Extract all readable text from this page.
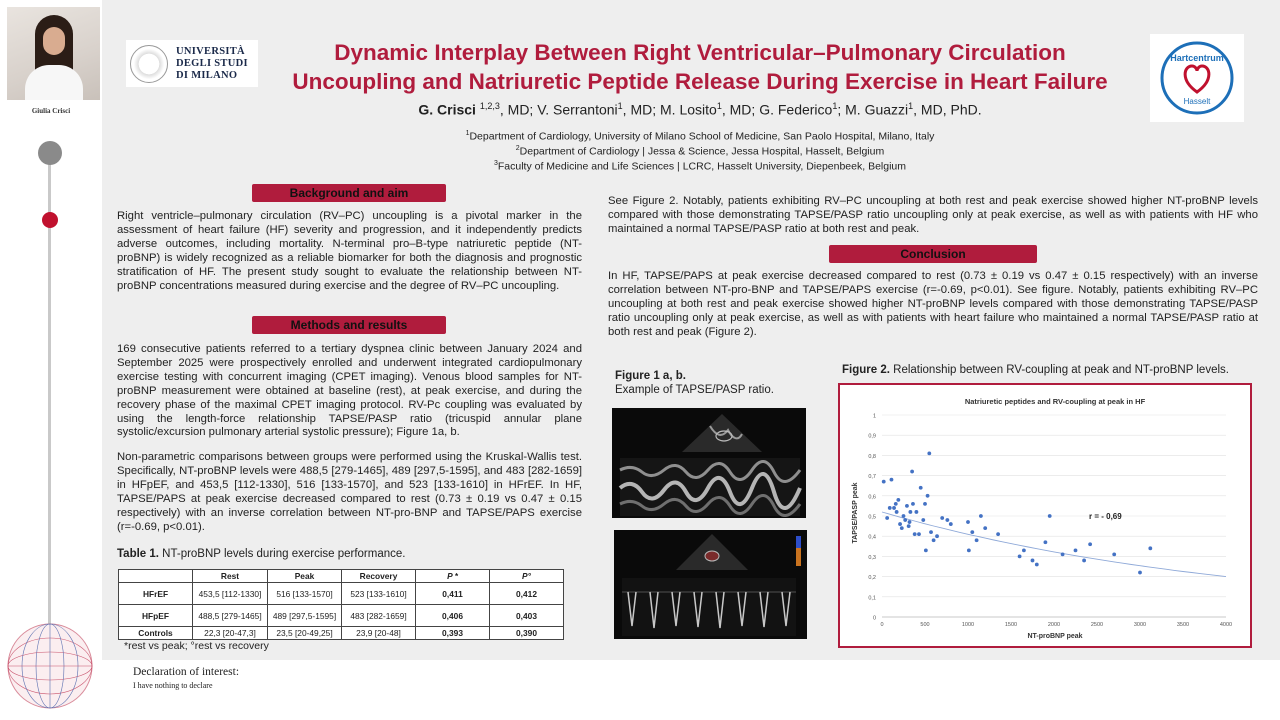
Giulia Crisci
UNIVERSITÀ
DEGLI STUDI
DI MILANO
Hartcentrum
Hasselt
Dynamic Interplay Between Right Ventricular–Pulmonary Circulation
Uncoupling and Natriuretic Peptide Release During Exercise in Heart Failure
G. Crisci $^{1,2,3}$, MD; V. Serrantoni$^1$, MD; M. Losito$^1$, MD; G. Federico$^1$; M. Guazzi$^1$, MD, PhD.
$^1$Department of Cardiology, University of Milano School of Medicine, San Paolo Hospital, Milano, Italy
$^2$Department of Cardiology | Jessa & Science, Jessa Hospital, Hasselt, Belgium
$^3$Faculty of Medicine and Life Sciences | LCRC, Hasselt University, Diepenbeek, Belgium
Background and aim
Right ventricle–pulmonary circulation (RV–PC) uncoupling is a pivotal marker in the assessment of heart failure (HF) severity and progression, and it independently predicts adverse outcomes, including mortality. N-terminal pro–B-type natriuretic peptide (NT-proBNP) is widely recognized as a reliable biomarker for both the diagnosis and prognostic stratification of HF. The present study sought to evaluate the relationship between NT-proBNP concentrations measured during exercise and the degree of RV–PC uncoupling.
Methods and results
169 consecutive patients referred to a tertiary dyspnea clinic between January 2024 and September 2025 were prospectively enrolled and underwent integrated cardiopulmonary exercise testing with concurrent imaging (CPET imaging). Venous blood samples for NT-proBNP measurement were obtained at baseline (rest), at peak exercise, and during the recovery phase of the maximal CPET imaging protocol. RV-Pc coupling was evaluated by using the length-force relationship TAPSE/PASP ratio (tricuspid annular plane systolic/excursion pulmonary arterial systolic pressure); Figure 1a, b.
Non-parametric comparisons between groups were performed using the Kruskal-Wallis test. Specifically, NT-proBNP levels were 488,5 [279-1465], 489 [297,5-1595], and 483 [282-1659] in HFpEF, and 453,5 [112-1330], 516 [133-1570], and 523 [133-1610] in HFrEF. In HF, TAPSE/PAPS at peak exercise decreased compared to rest (0.73 ± 0.19 vs 0.47 ± 0.15 respectively) with an inverse correlation between NT-pro-BNP and TAPSE/PAPS exercise (r=-0.69, p<0.01).
Table 1. NT-proBNP levels during exercise performance.
	Rest	Peak	Recovery	P *	P°
HFrEF	453,5 [112-1330]	516 [133-1570]	523 [133-1610]	0,411	0,412
HFpEF	488,5 [279-1465]	489 [297,5-1595]	483 [282-1659]	0,406	0,403
Controls	22,3 [20-47,3]	23,5 [20-49,25]	23,9 [20-48]	0,393	0,390
*rest vs peak; °rest vs recovery
See Figure 2. Notably, patients exhibiting RV–PC uncoupling at both rest and peak exercise showed higher NT-proBNP levels compared with those demonstrating TAPSE/PASP ratio uncoupling only at peak exercise, as well as with patients with HF who maintained a normal TAPSE/PASP ratio at both rest and peak.
Conclusion
In HF, TAPSE/PAPS at peak exercise decreased compared to rest (0.73 ± 0.19 vs 0.47 ± 0.15 respectively) with an inverse correlation between NT-pro-BNP and TAPSE/PAPS exercise (r=-0.69, p<0.01). See figure. Notably, patients exhibiting RV–PC uncoupling at both rest and peak exercise showed higher NT-proBNP levels compared with those demonstrating TAPSE/PASP ratio uncoupling only at peak exercise, as well as with patients with heart failure who maintained a normal TAPSE/PASP ratio at both rest and peak (Figure 2).
Figure 1 a, b.
Example of TAPSE/PASP ratio.
Figure 2. Relationship between RV-coupling at peak and NT-proBNP levels.
Natriuretic peptides and RV-coupling at peak in HF
0
0,1
0,2
0,3
0,4
0,5
0,6
0,7
0,8
0,9
1
0	500	1000	1500	2000	2500	3000	3500	4000
NT-proBNP peak
TAPSE/PASP peak	r = - 0,69
Declaration of interest:
I have nothing to declare
